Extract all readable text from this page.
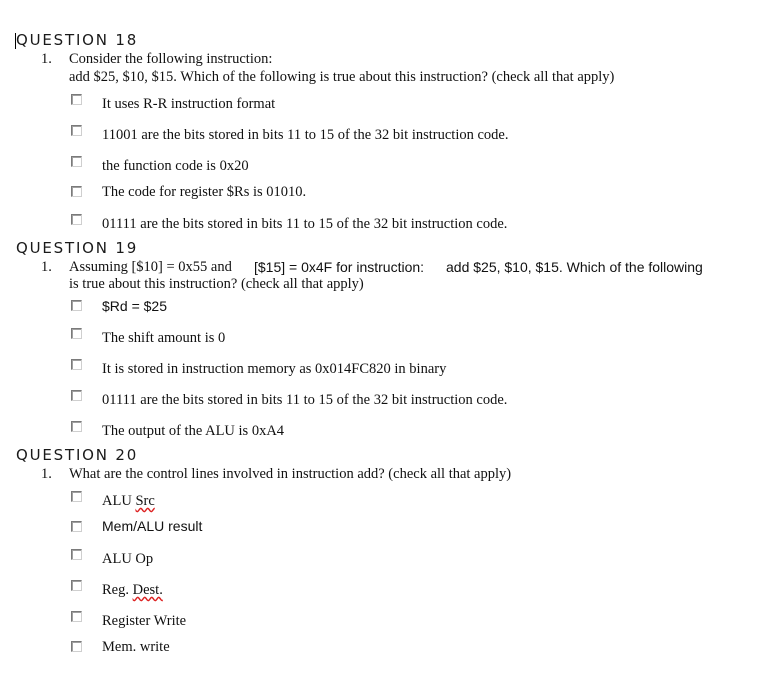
QUESTION 18
1. Consider the following instruction:
add $25, $10, $15. Which of the following is true about this instruction? (check all that apply)
It uses R-R instruction format
11001 are the bits stored in bits 11 to 15 of the 32 bit instruction code.
the function code is 0x20
The code for register $Rs is 01010.
01111 are the bits stored in bits 11 to 15 of the 32 bit instruction code.
QUESTION 19
1. Assuming [$10] = 0x55 and [$15] = 0x4F for instruction: add $25, $10, $15. Which of the following
is true about this instruction? (check all that apply)
$Rd = $25
The shift amount is 0
It is stored in instruction memory as 0x014FC820 in binary
01111 are the bits stored in bits 11 to 15 of the 32 bit instruction code.
The output of the ALU is 0xA4
QUESTION 20
1. What are the control lines involved in instruction add? (check all that apply)
ALU Src
Mem/ALU result
ALU Op
Reg. Dest.
Register Write
Mem. write
